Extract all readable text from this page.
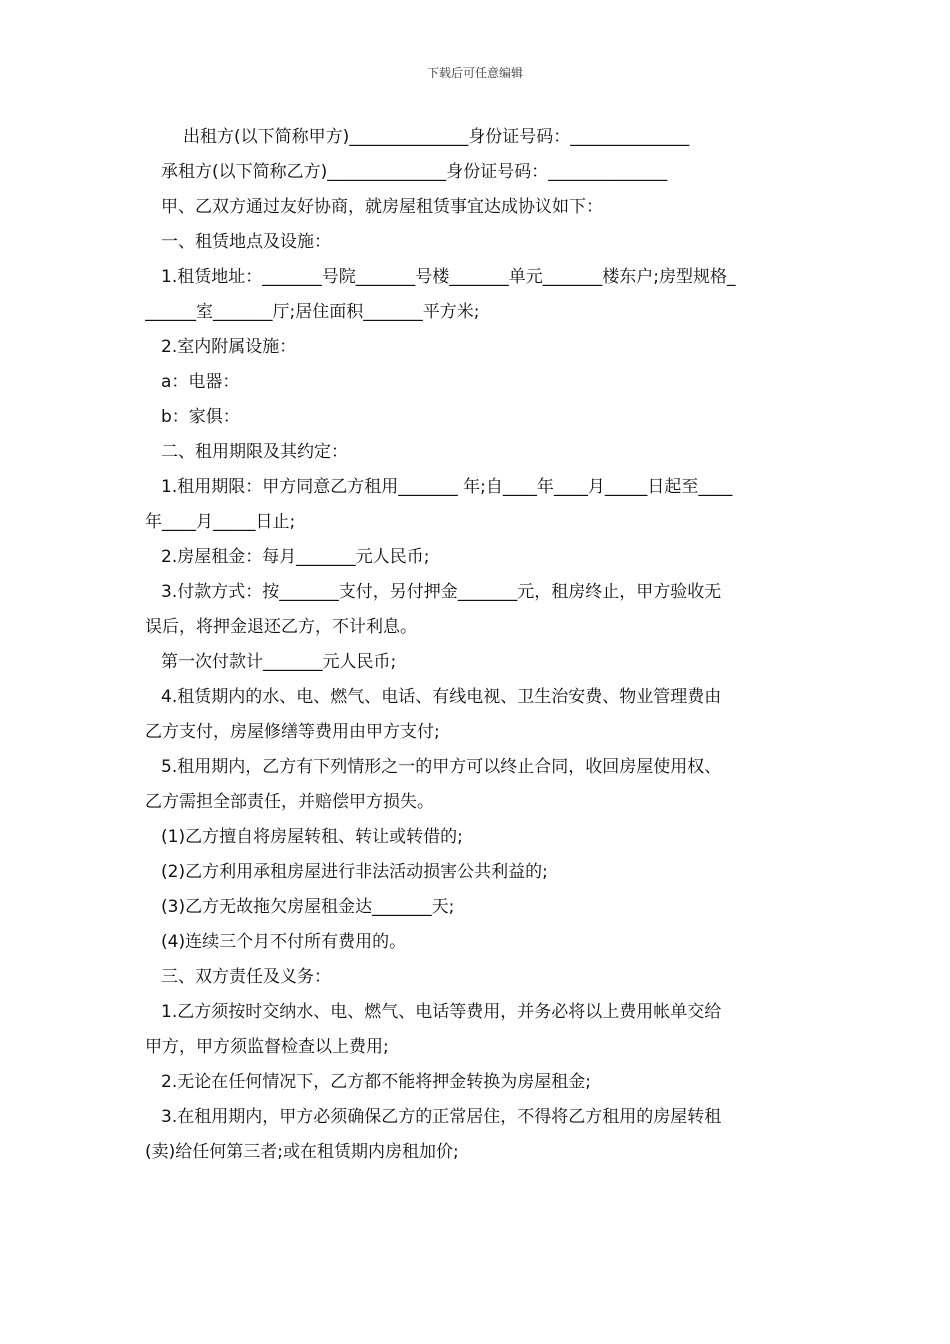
下载后可任意编辑

出租方(以下简称甲方)______________身份证号码：______________

承租方(以下简称乙方)______________身份证号码：______________

甲、乙双方通过友好协商，就房屋租赁事宜达成协议如下：

一、租赁地点及设施：

1.租赁地址：_______号院_______号楼_______单元_______楼东户;房型规格_

______室_______厅;居住面积_______平方米;

2.室内附属设施：

a：电器：

b：家俱：

二、租用期限及其约定：

1.租用期限：甲方同意乙方租用_______ 年;自____年____月_____日起至____

年____月_____日止;

2.房屋租金：每月_______元人民币;

3.付款方式：按_______支付，另付押金_______元，租房终止，甲方验收无

误后，将押金退还乙方，不计利息。

第一次付款计_______元人民币;

4.租赁期内的水、电、燃气、电话、有线电视、卫生治安费、物业管理费由

乙方支付，房屋修缮等费用由甲方支付;

5.租用期内，乙方有下列情形之一的甲方可以终止合同，收回房屋使用权、

乙方需担全部责任，并赔偿甲方损失。

(1)乙方擅自将房屋转租、转让或转借的;

(2)乙方利用承租房屋进行非法活动损害公共利益的;

(3)乙方无故拖欠房屋租金达_______天;

(4)连续三个月不付所有费用的。

三、双方责任及义务：

1.乙方须按时交纳水、电、燃气、电话等费用，并务必将以上费用帐单交给

甲方，甲方须监督检查以上费用;

2.无论在任何情况下，乙方都不能将押金转换为房屋租金;

3.在租用期内，甲方必须确保乙方的正常居住，不得将乙方租用的房屋转租

(卖)给任何第三者;或在租赁期内房租加价;
